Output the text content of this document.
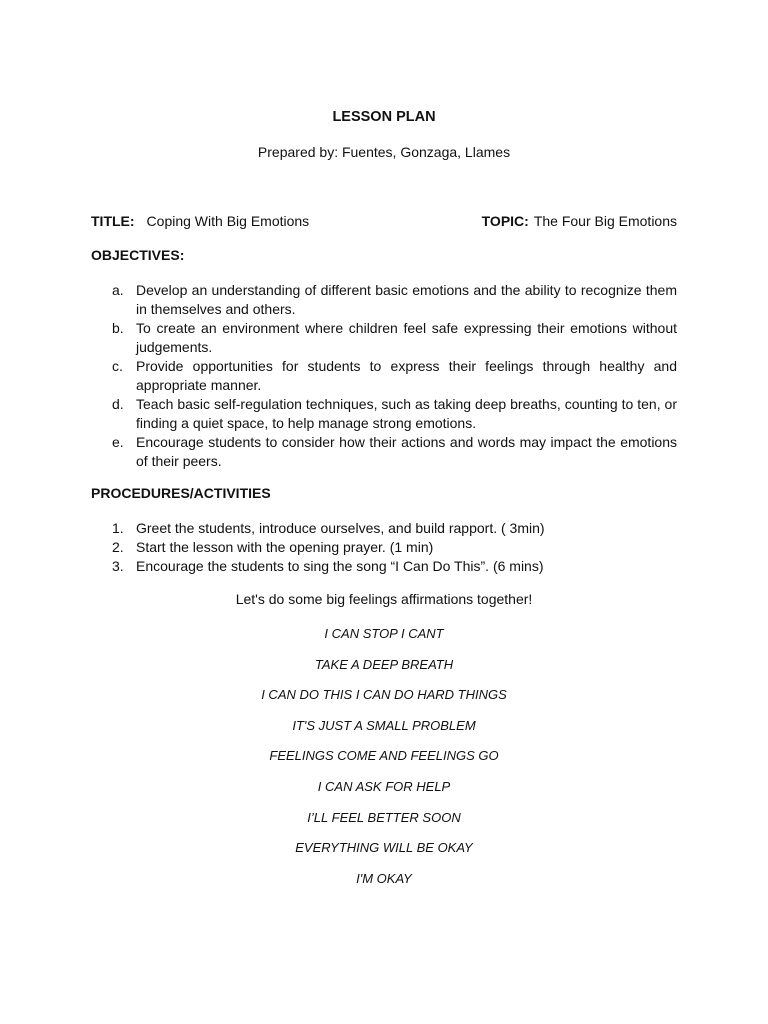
LESSON PLAN
Prepared by: Fuentes, Gonzaga, Llames
TITLE: Coping With Big Emotions	TOPIC: The Four Big Emotions
OBJECTIVES:
a. Develop an understanding of different basic emotions and the ability to recognize them in themselves and others.
b. To create an environment where children feel safe expressing their emotions without judgements.
c. Provide opportunities for students to express their feelings through healthy and appropriate manner.
d. Teach basic self-regulation techniques, such as taking deep breaths, counting to ten, or finding a quiet space, to help manage strong emotions.
e. Encourage students to consider how their actions and words may impact the emotions of their peers.
PROCEDURES/ACTIVITIES
1. Greet the students, introduce ourselves, and build rapport. ( 3min)
2. Start the lesson with the opening prayer. (1 min)
3. Encourage the students to sing the song “I Can Do This”. (6 mins)
Let's do some big feelings affirmations together!
I CAN STOP I CANT
TAKE A DEEP BREATH
I CAN DO THIS I CAN DO HARD THINGS
IT'S JUST A SMALL PROBLEM
FEELINGS COME AND FEELINGS GO
I CAN ASK FOR HELP
I’LL FEEL BETTER SOON
EVERYTHING WILL BE OKAY
I'M OKAY
